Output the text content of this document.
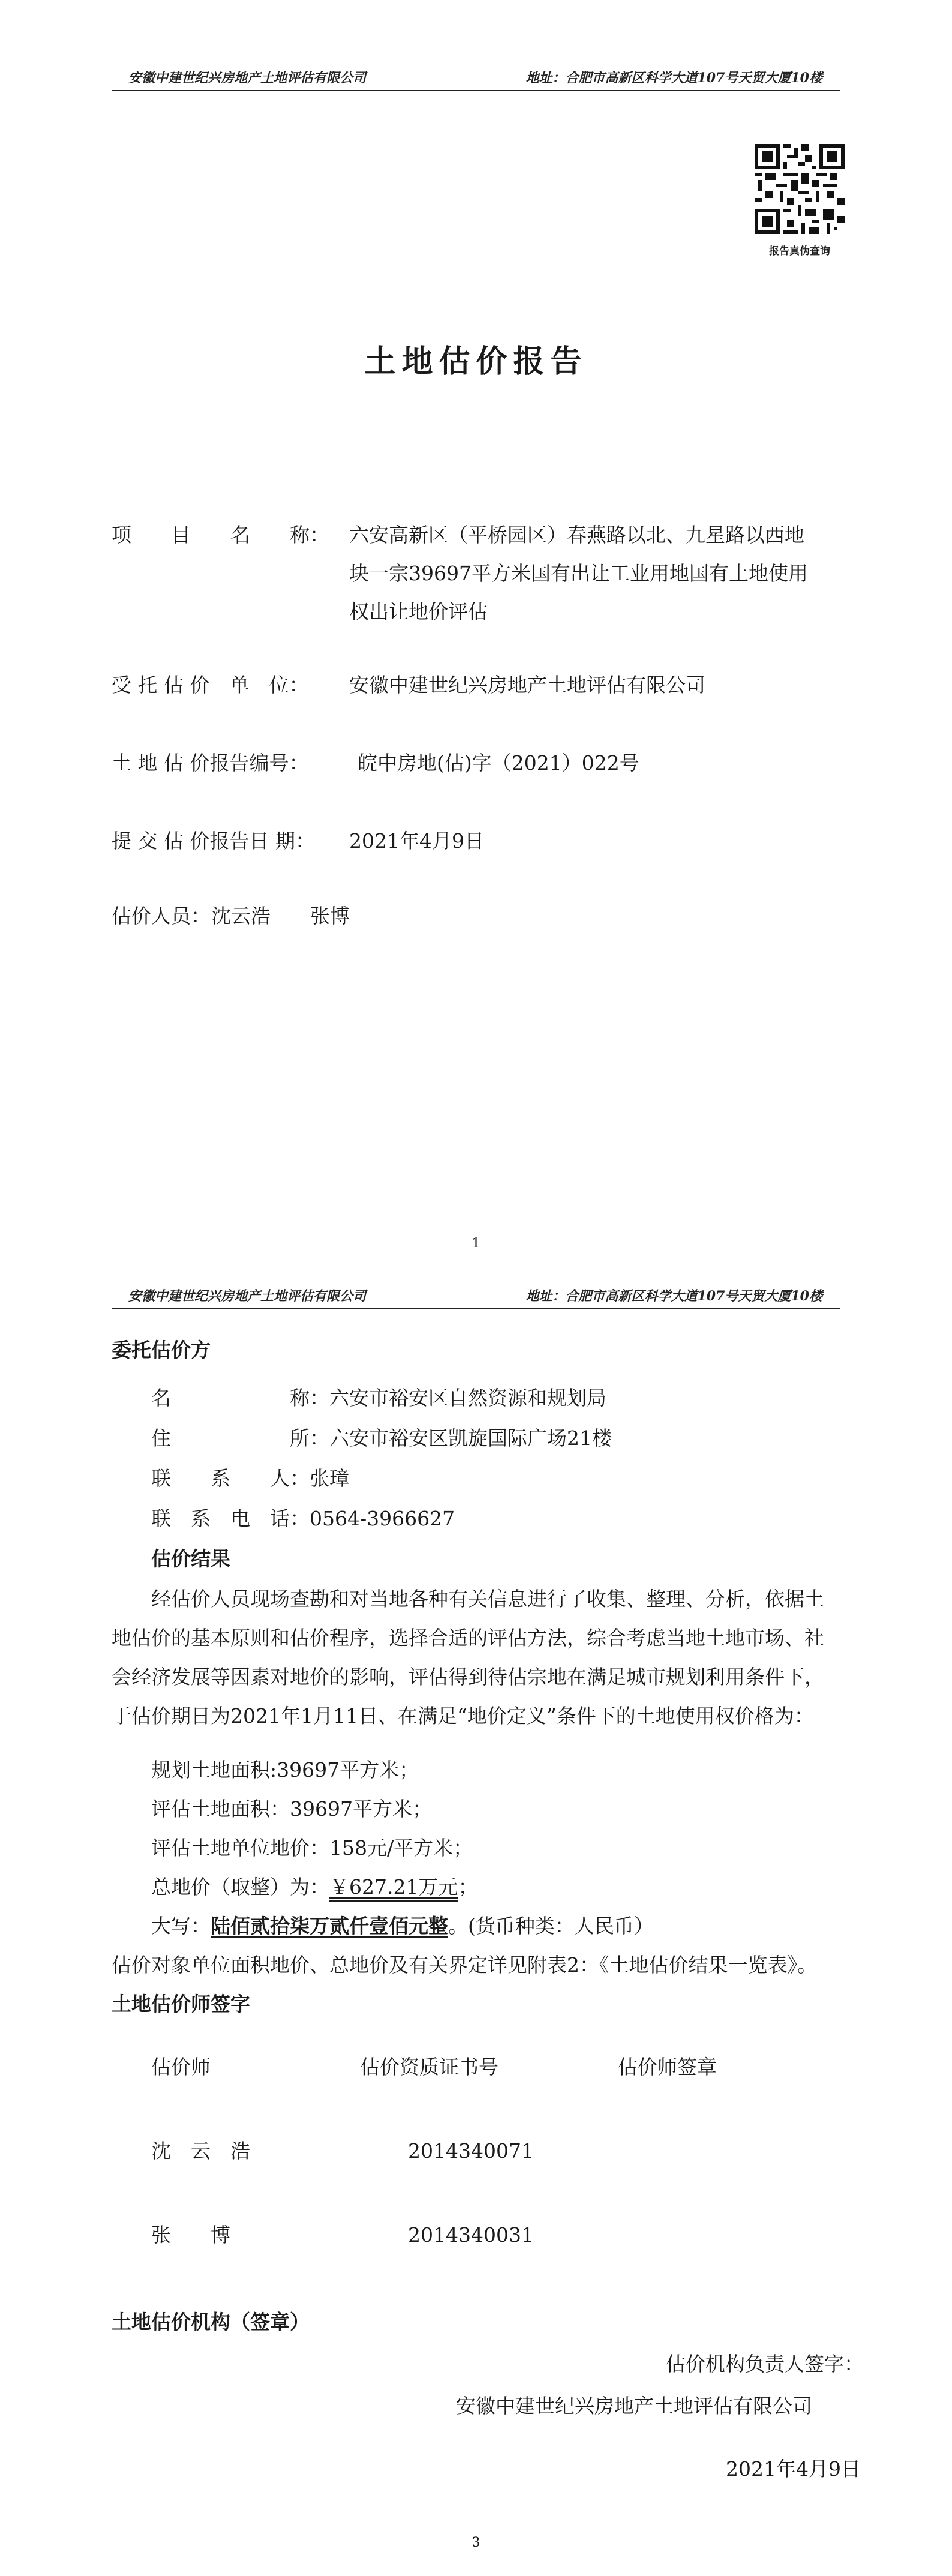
安徽中建世纪兴房地产土地评估有限公司	地址：合肥市高新区科学大道107号天贸大厦10楼
报告真伪查询
土地估价报告
项　　目　　名　　称： 六安高新区（平桥园区）春燕路以北、九星路以西地
块一宗39697平方米国有出让工业用地国有土地使用
权出让地价评估
受 托 估 价　单　位： 安徽中建世纪兴房地产土地评估有限公司
土 地 估 价报告编号： 皖中房地(估)字（2021）022号
提 交 估 价报告日 期： 2021年4月9日
估价人员： 沈云浩　　张博
1
安徽中建世纪兴房地产土地评估有限公司	地址：合肥市高新区科学大道107号天贸大厦10楼
委托估价方
名　　　　　　称：六安市裕安区自然资源和规划局
住　　　　　　所：六安市裕安区凯旋国际广场21楼
联　　系　　人：张璋
联　系　电　话：0564-3966627
估价结果
经估价人员现场查勘和对当地各种有关信息进行了收集、整理、分析，依据土地估价的基本原则和估价程序，选择合适的评估方法，综合考虑当地土地市场、社会经济发展等因素对地价的影响，评估得到待估宗地在满足城市规划利用条件下，于估价期日为2021年1月11日、在满足“地价定义”条件下的土地使用权价格为：
规划土地面积:39697平方米；
评估土地面积：39697平方米；
评估土地单位地价：158元/平方米；
总地价（取整）为：￥627.21万元；
大写：陆佰贰拾柒万贰仟壹佰元整。(货币种类：人民币）
估价对象单位面积地价、总地价及有关界定详见附表2：《土地估价结果一览表》。
土地估价师签字
估价师	估价资质证书号	估价师签章
沈　云　浩	2014340071
张　　博	2014340031
土地估价机构（签章）
估价机构负责人签字：
安徽中建世纪兴房地产土地评估有限公司
2021年4月9日
3
